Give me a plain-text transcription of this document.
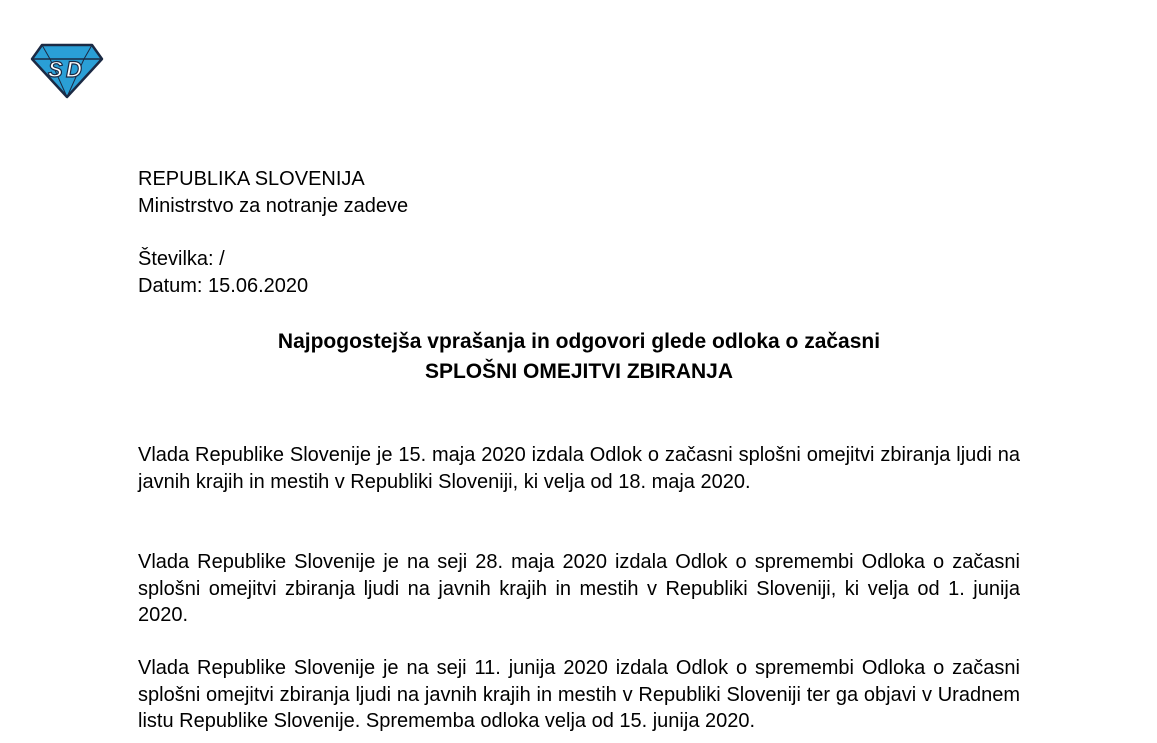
S D
REPUBLIKA SLOVENIJA
Ministrstvo za notranje zadeve
Številka: /
Datum: 15.06.2020
Najpogostejša vprašanja in odgovori glede odloka o začasni
SPLOŠNI OMEJITVI ZBIRANJA
Vlada Republike Slovenije je 15. maja 2020 izdala Odlok o začasni splošni omejitvi zbiranja ljudi na javnih krajih in mestih v Republiki Sloveniji, ki velja od 18. maja 2020.
Vlada Republike Slovenije je na seji 28. maja 2020 izdala Odlok o spremembi Odloka o začasni splošni omejitvi zbiranja ljudi na javnih krajih in mestih v Republiki Sloveniji, ki velja od 1. junija 2020.
Vlada Republike Slovenije je na seji 11. junija 2020 izdala Odlok o spremembi Odloka o začasni splošni omejitvi zbiranja ljudi na javnih krajih in mestih v Republiki Sloveniji ter ga objavi v Uradnem listu Republike Slovenije. Sprememba odloka velja od 15. junija 2020.
